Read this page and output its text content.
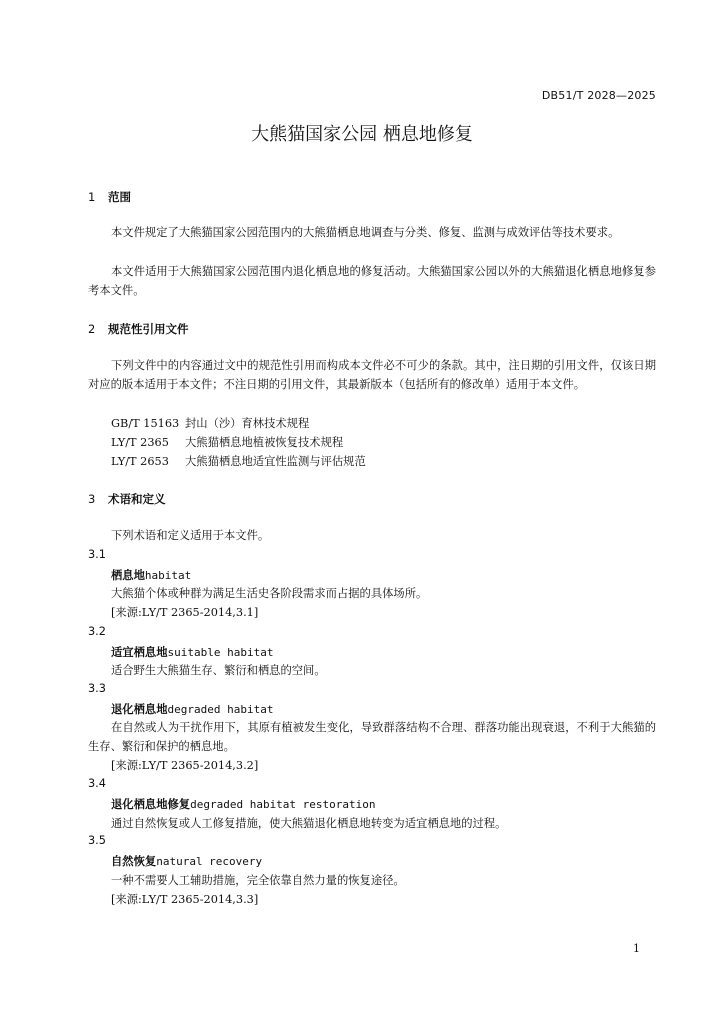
DB51/T 2028—2025
大熊猫国家公园 栖息地修复
1 范围
本文件规定了大熊猫国家公园范围内的大熊猫栖息地调查与分类、修复、监测与成效评估等技术要求。
本文件适用于大熊猫国家公园范围内退化栖息地的修复活动。大熊猫国家公园以外的大熊猫退化栖息地修复参考本文件。
2 规范性引用文件
下列文件中的内容通过文中的规范性引用而构成本文件必不可少的条款。其中，注日期的引用文件，仅该日期对应的版本适用于本文件；不注日期的引用文件，其最新版本（包括所有的修改单）适用于本文件。
GB/T 15163 封山（沙）育林技术规程
LY/T 2365 大熊猫栖息地植被恢复技术规程
LY/T 2653 大熊猫栖息地适宜性监测与评估规范
3 术语和定义
下列术语和定义适用于本文件。
3.1
栖息地habitat
大熊猫个体或种群为满足生活史各阶段需求而占据的具体场所。
[来源:LY/T 2365-2014,3.1]
3.2
适宜栖息地suitable habitat
适合野生大熊猫生存、繁衍和栖息的空间。
3.3
退化栖息地degraded habitat
在自然或人为干扰作用下，其原有植被发生变化，导致群落结构不合理、群落功能出现衰退，不利于大熊猫的生存、繁衍和保护的栖息地。
[来源:LY/T 2365-2014,3.2]
3.4
退化栖息地修复degraded habitat restoration
通过自然恢复或人工修复措施，使大熊猫退化栖息地转变为适宜栖息地的过程。
3.5
自然恢复natural recovery
一种不需要人工辅助措施，完全依靠自然力量的恢复途径。
[来源:LY/T 2365-2014,3.3]
1
